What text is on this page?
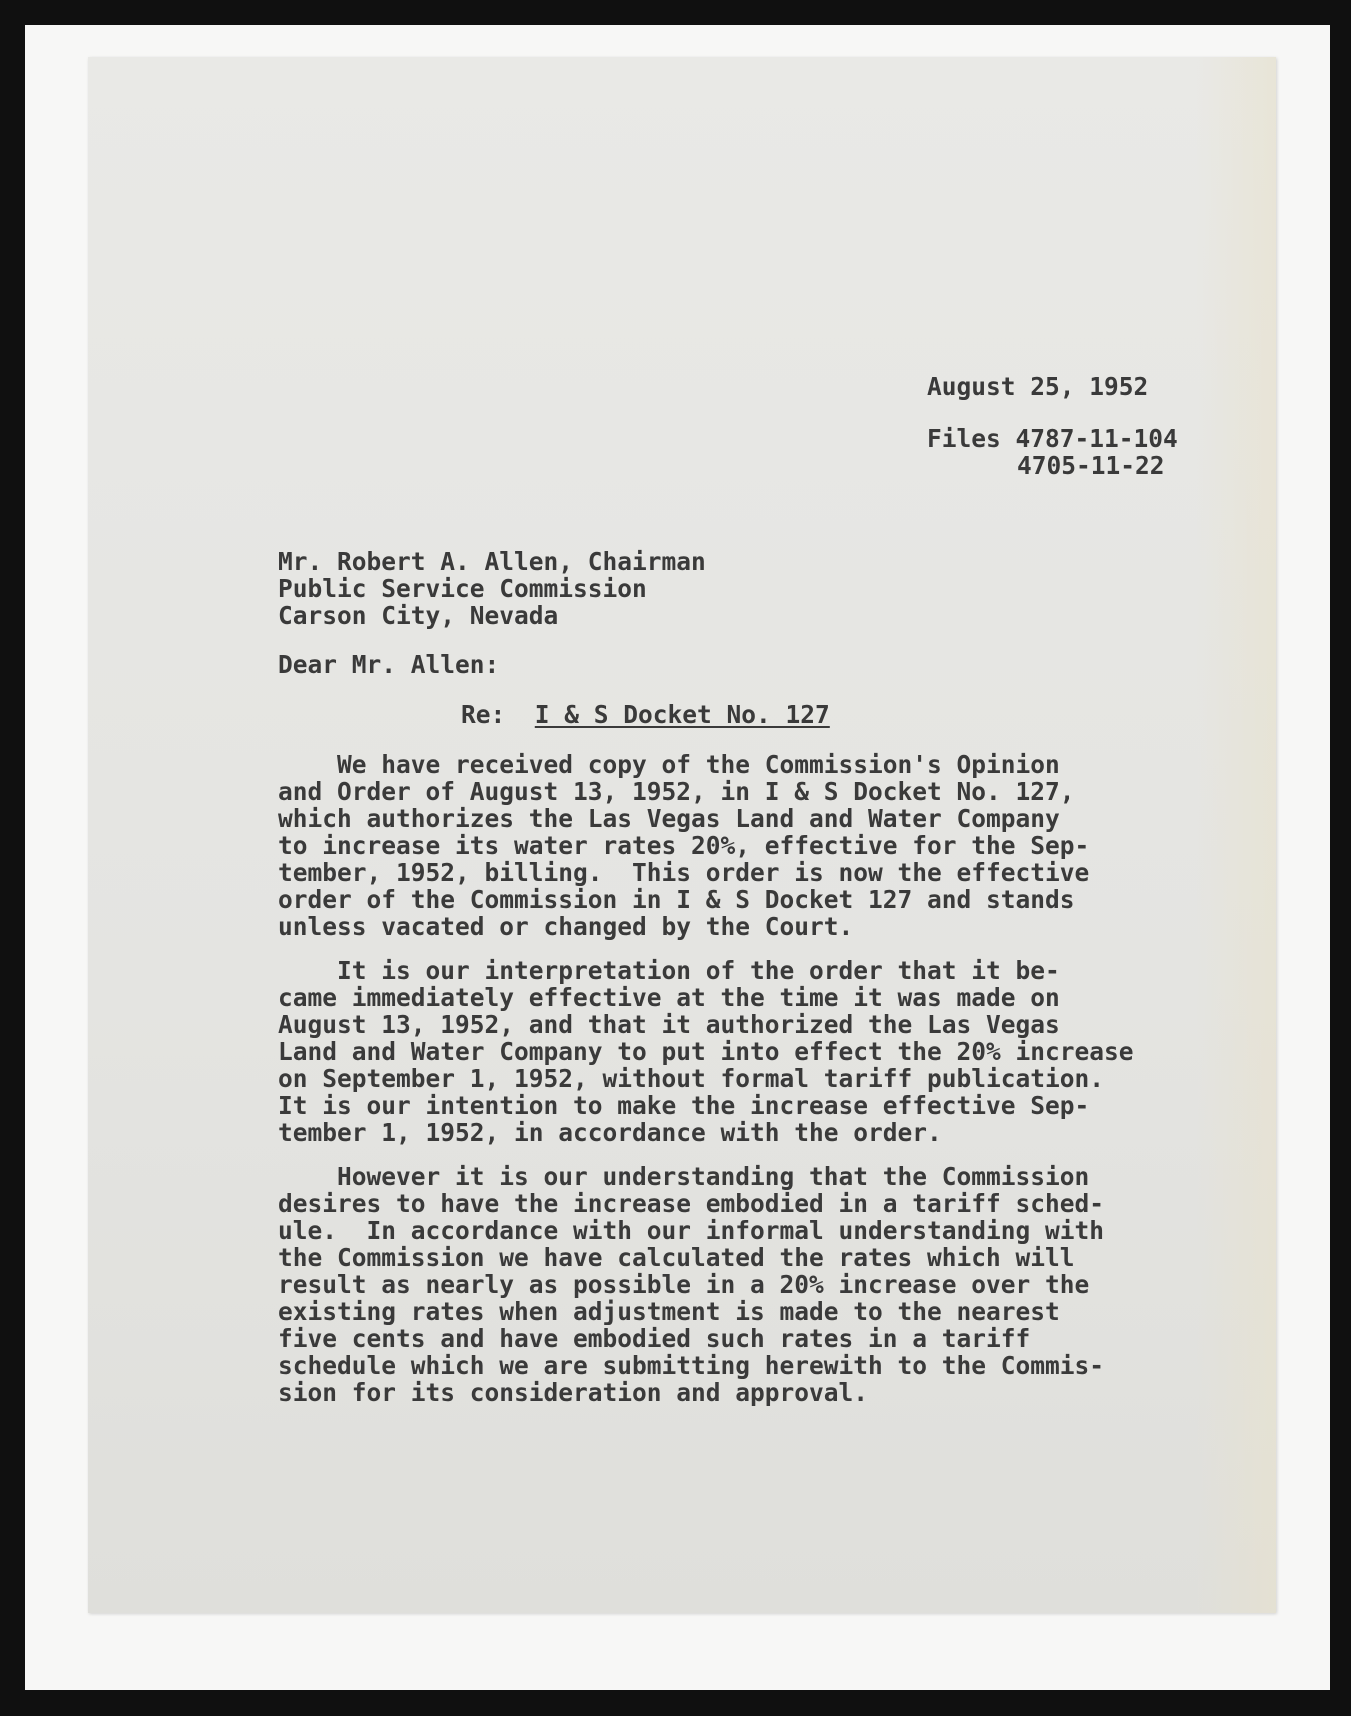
August 25, 1952

Files 4787-11-104

4705-11-22

Mr. Robert A. Allen, Chairman
Public Service Commission
Carson City, Nevada

Dear Mr. Allen:

Re: I & S Docket No. 127

We have received copy of the Commission's Opinion
and Order of August 13, 1952, in I & S Docket No. 127,
which authorizes the Las Vegas Land and Water Company
to increase its water rates 20%, effective for the Sep-
tember, 1952, billing.  This order is now the effective
order of the Commission in I & S Docket 127 and stands
unless vacated or changed by the Court.
It is our interpretation of the order that it be-
came immediately effective at the time it was made on
August 13, 1952, and that it authorized the Las Vegas
Land and Water Company to put into effect the 20% increase
on September 1, 1952, without formal tariff publication.
It is our intention to make the increase effective Sep-
tember 1, 1952, in accordance with the order.
However it is our understanding that the Commission
desires to have the increase embodied in a tariff sched-
ule.  In accordance with our informal understanding with
the Commission we have calculated the rates which will
result as nearly as possible in a 20% increase over the
existing rates when adjustment is made to the nearest
five cents and have embodied such rates in a tariff
schedule which we are submitting herewith to the Commis-
sion for its consideration and approval.
